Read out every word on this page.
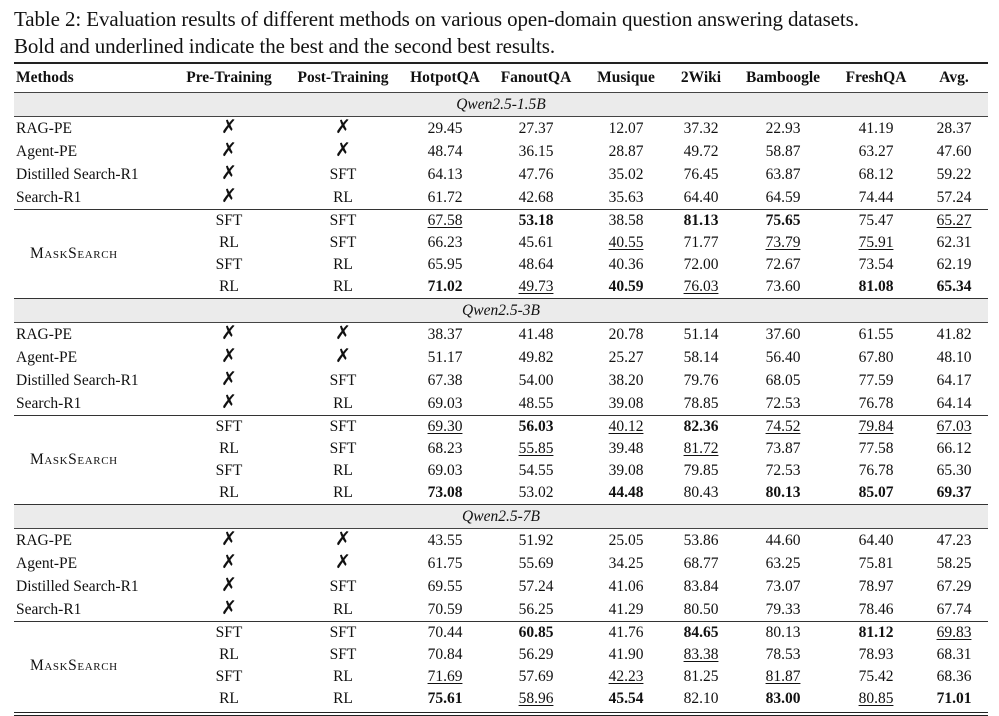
Table 2: Evaluation results of different methods on various open-domain question answering datasets.
Bold and underlined indicate the best and the second best results.
Methods	Pre-Training	Post-Training	HotpotQA	FanoutQA	Musique	2Wiki	Bamboogle	FreshQA	Avg.
Qwen2.5-1.5B									
RAG-PE	✗	✗	29.45	27.37	12.07	37.32	22.93	41.19	28.37
Agent-PE	✗	✗	48.74	36.15	28.87	49.72	58.87	63.27	47.60
Distilled Search-R1	✗	SFT	64.13	47.76	35.02	76.45	63.87	68.12	59.22
Search-R1	✗	RL	61.72	42.68	35.63	64.40	64.59	74.44	57.24
MaskSearch	SFT	SFT	67.58	53.18	38.58	81.13	75.65	75.47	65.27
	RL	SFT	66.23	45.61	40.55	71.77	73.79	75.91	62.31
	SFT	RL	65.95	48.64	40.36	72.00	72.67	73.54	62.19
	RL	RL	71.02	49.73	40.59	76.03	73.60	81.08	65.34
Qwen2.5-3B									
RAG-PE	✗	✗	38.37	41.48	20.78	51.14	37.60	61.55	41.82
Agent-PE	✗	✗	51.17	49.82	25.27	58.14	56.40	67.80	48.10
Distilled Search-R1	✗	SFT	67.38	54.00	38.20	79.76	68.05	77.59	64.17
Search-R1	✗	RL	69.03	48.55	39.08	78.85	72.53	76.78	64.14
MaskSearch	SFT	SFT	69.30	56.03	40.12	82.36	74.52	79.84	67.03
	RL	SFT	68.23	55.85	39.48	81.72	73.87	77.58	66.12
	SFT	RL	69.03	54.55	39.08	79.85	72.53	76.78	65.30
	RL	RL	73.08	53.02	44.48	80.43	80.13	85.07	69.37
Qwen2.5-7B									
RAG-PE	✗	✗	43.55	51.92	25.05	53.86	44.60	64.40	47.23
Agent-PE	✗	✗	61.75	55.69	34.25	68.77	63.25	75.81	58.25
Distilled Search-R1	✗	SFT	69.55	57.24	41.06	83.84	73.07	78.97	67.29
Search-R1	✗	RL	70.59	56.25	41.29	80.50	79.33	78.46	67.74
MaskSearch	SFT	SFT	70.44	60.85	41.76	84.65	80.13	81.12	69.83
	RL	SFT	70.84	56.29	41.90	83.38	78.53	78.93	68.31
	SFT	RL	71.69	57.69	42.23	81.25	81.87	75.42	68.36
	RL	RL	75.61	58.96	45.54	82.10	83.00	80.85	71.01
